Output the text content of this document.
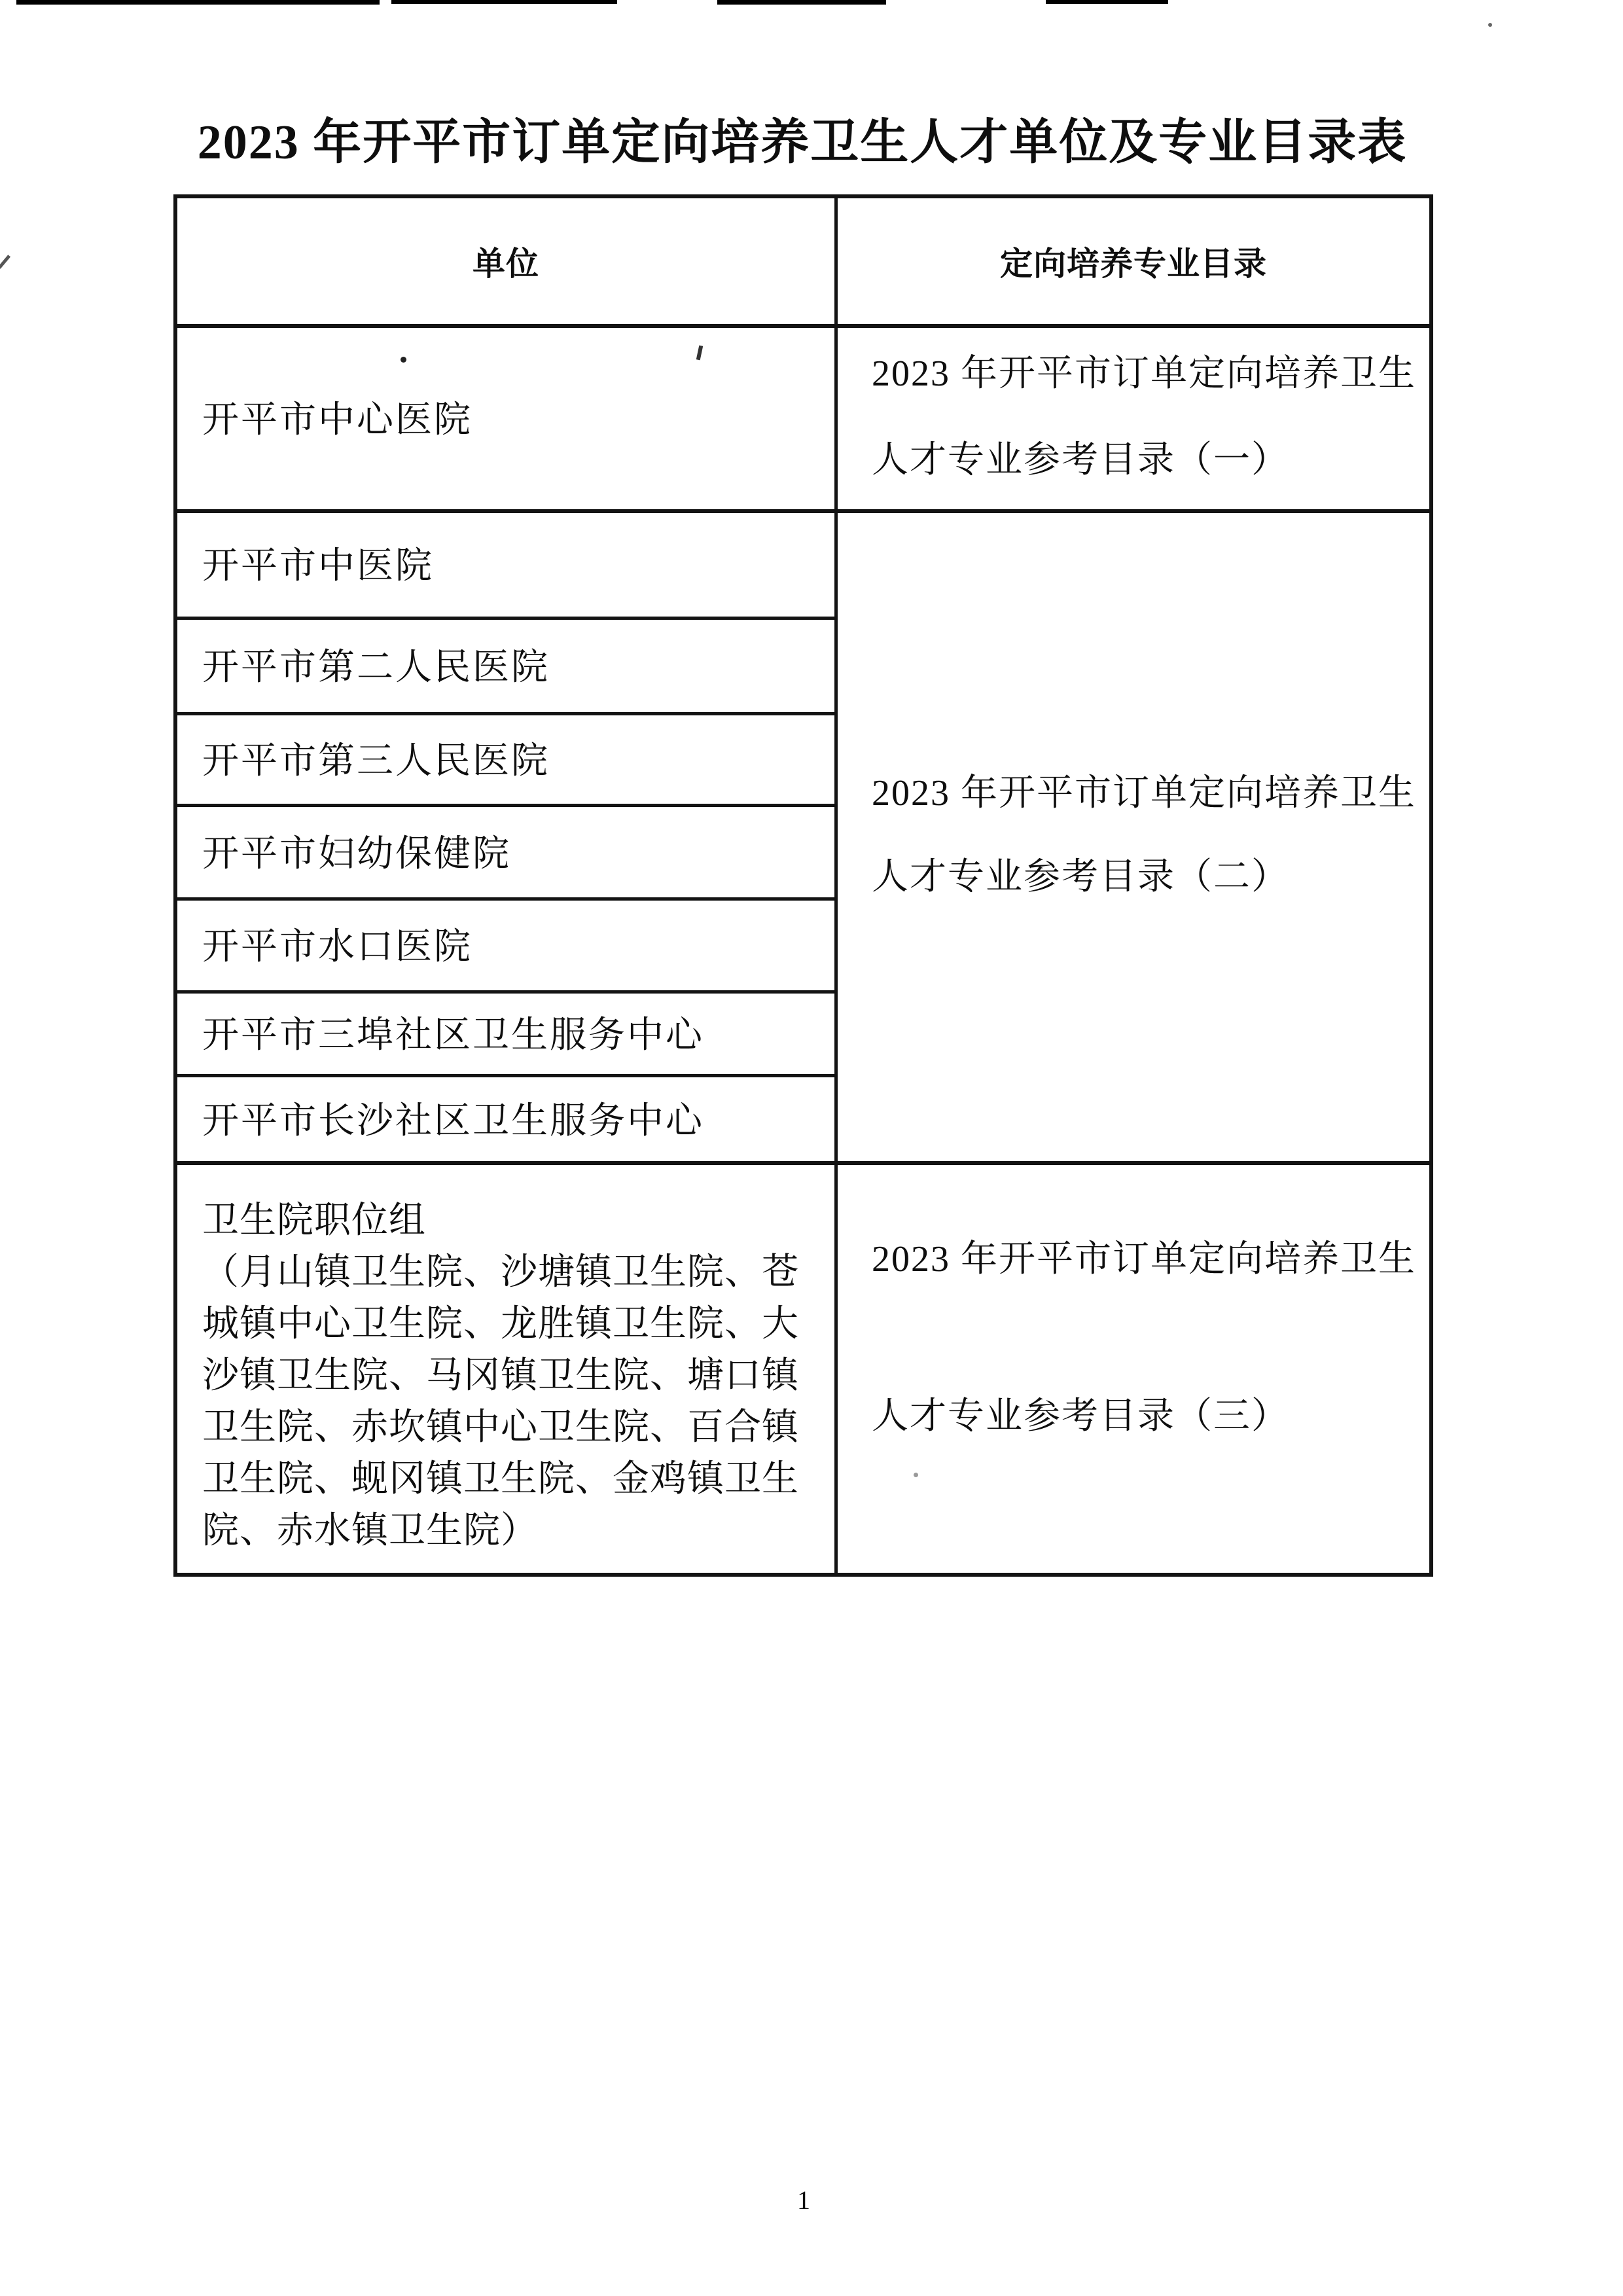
2023 年开平市订单定向培养卫生人才单位及专业目录表
单位	定向培养专业目录
开平市中心医院
开平市中医院
开平市第二人民医院
开平市第三人民医院
开平市妇幼保健院
开平市水口医院
开平市三埠社区卫生服务中心
开平市长沙社区卫生服务中心
卫生院职位组

（月山镇卫生院、沙塘镇卫生院、苍城镇中心卫生院、龙胜镇卫生院、大沙镇卫生院、马冈镇卫生院、塘口镇卫生院、赤坎镇中心卫生院、百合镇卫生院、蚬冈镇卫生院、金鸡镇卫生院、赤水镇卫生院）

2023 年开平市订单定向培养卫生
人才专业参考目录（一）
2023 年开平市订单定向培养卫生
人才专业参考目录（二）
2023 年开平市订单定向培养卫生
人才专业参考目录（三）
1
